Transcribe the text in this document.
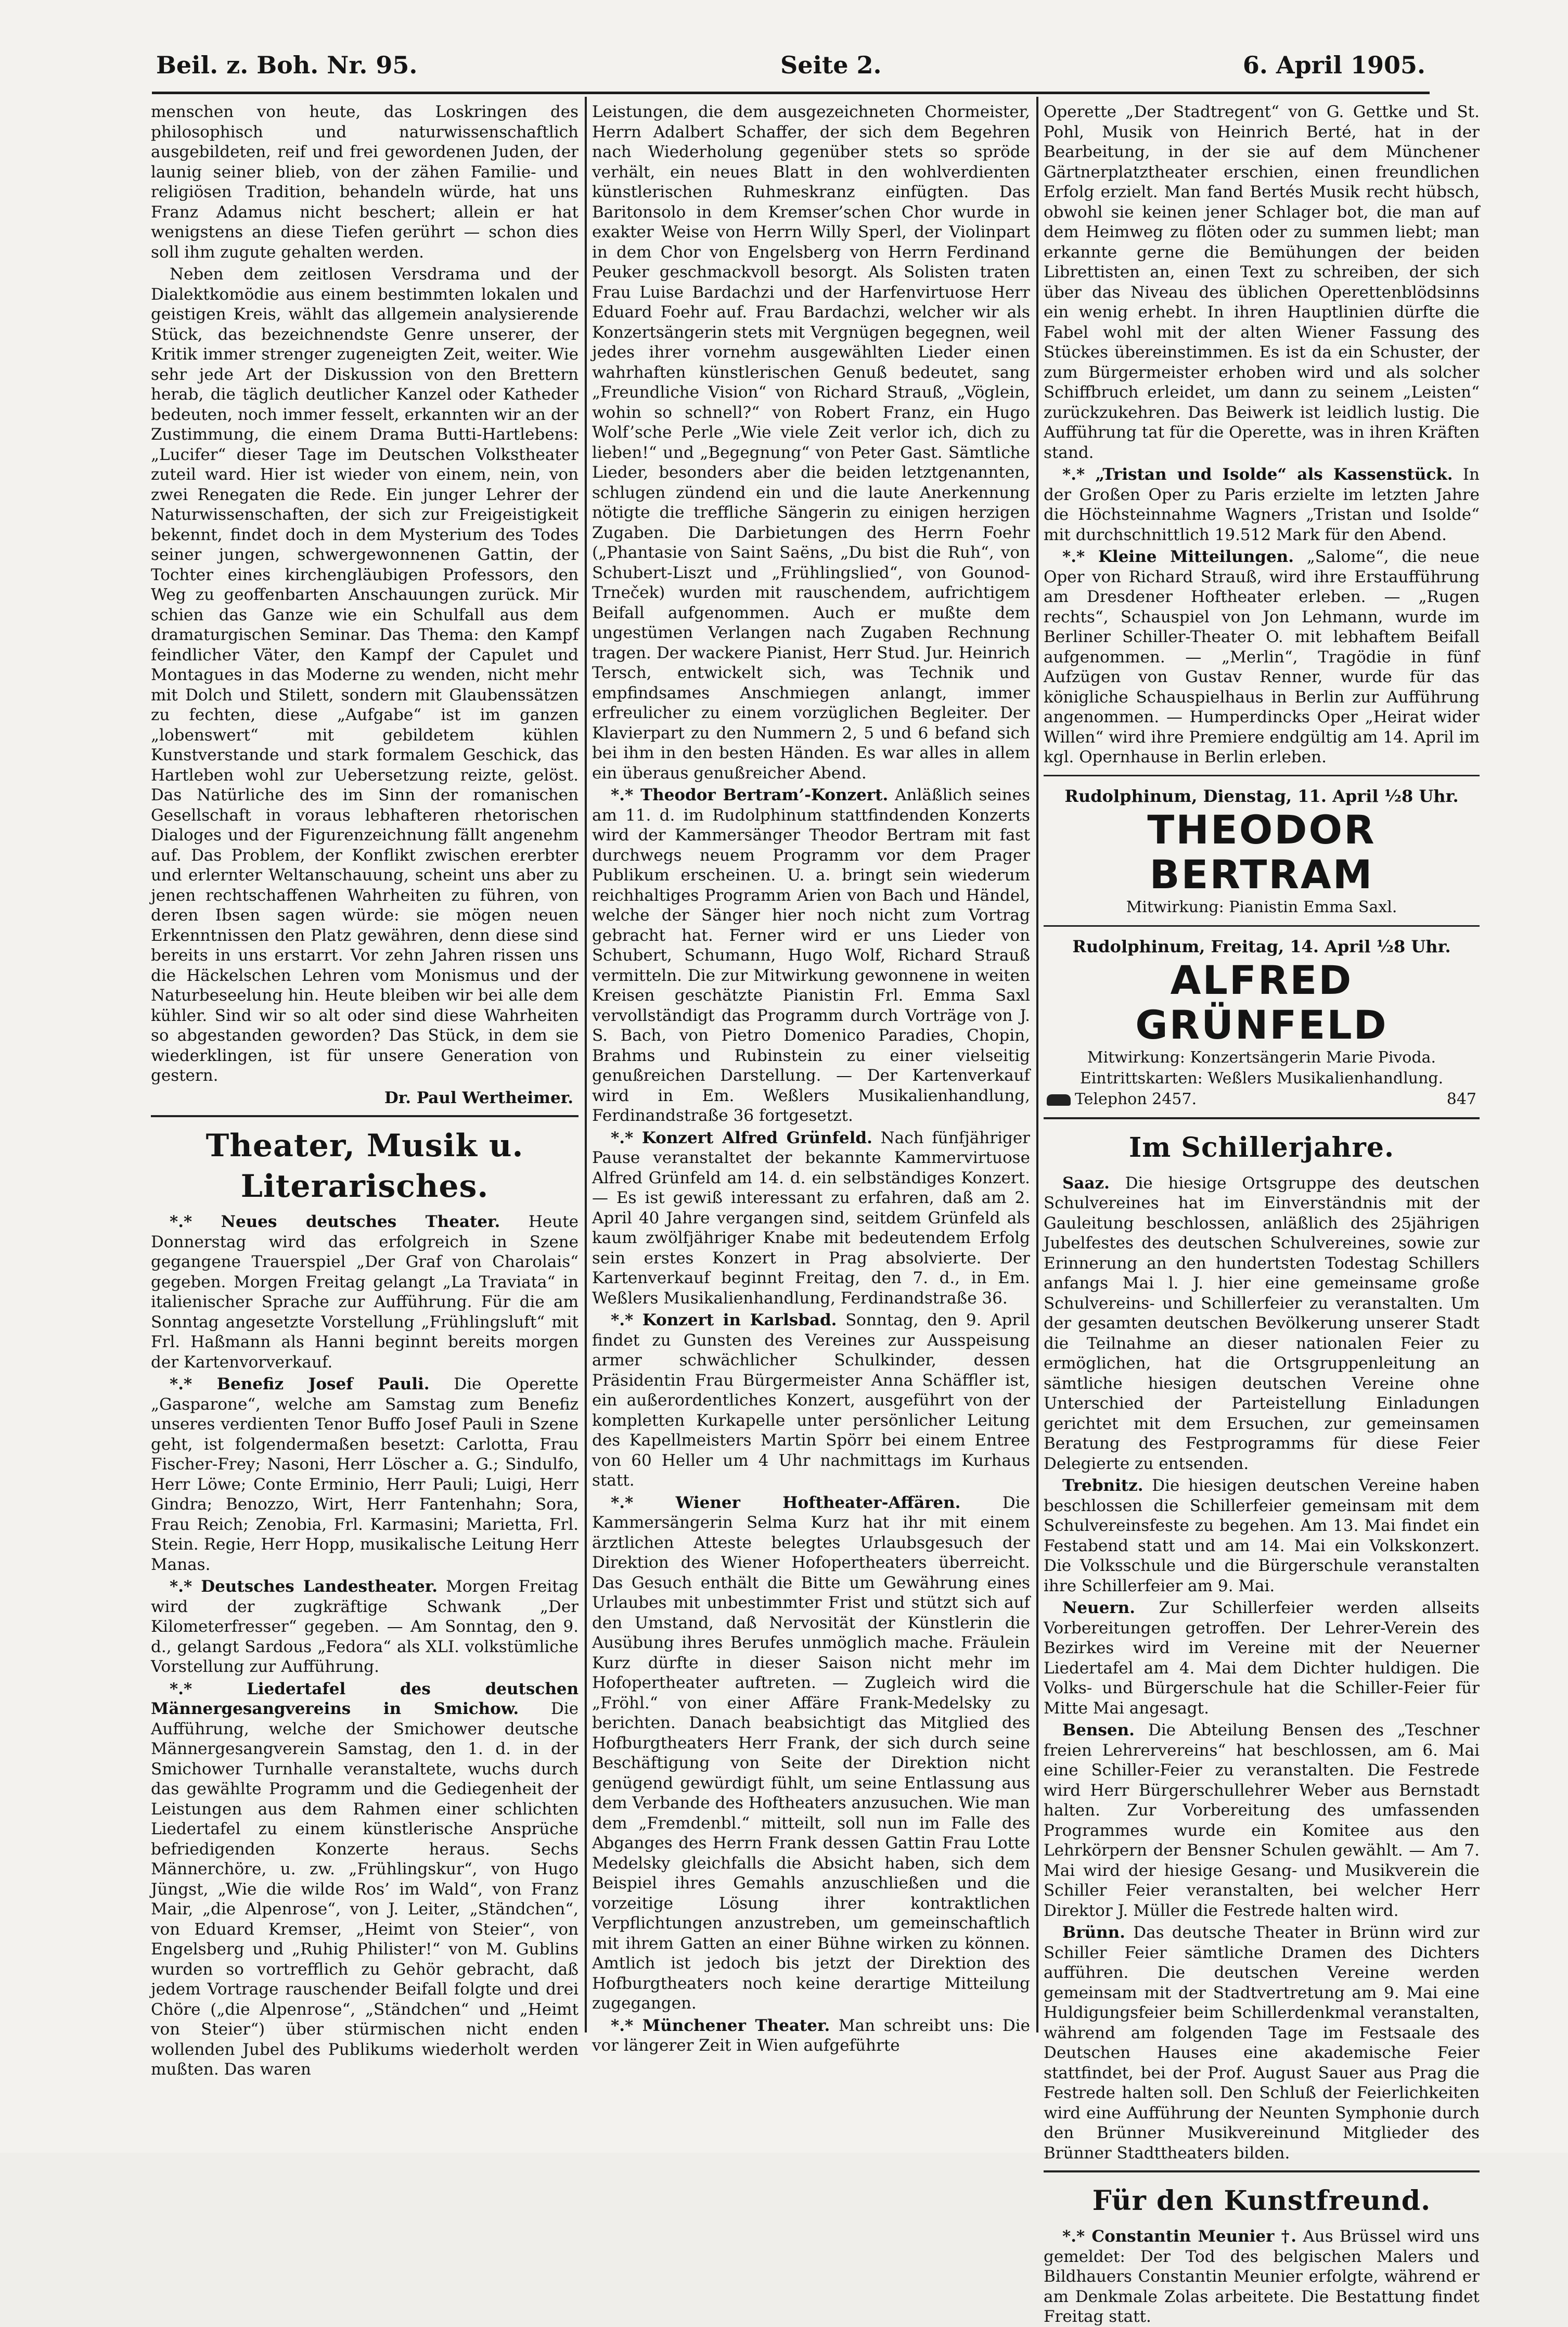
Beil. z. Boh. Nr. 95.	Seite 2.	6. April 1905.

menschen von heute, das Loskringen des philosophisch und naturwissenschaftlich ausgebildeten, reif und frei gewordenen Juden, der launig seiner blieb, von der zähen Familie- und religiösen Tradition, behandeln würde, hat uns Franz Adamus nicht beschert; allein er hat wenigstens an diese Tiefen gerührt — schon dies soll ihm zugute gehalten werden.

Neben dem zeitlosen Versdrama und der Dialektkomödie aus einem bestimmten lokalen und geistigen Kreis, wählt das allgemein analysierende Stück, das bezeichnendste Genre unserer, der Kritik immer strenger zugeneigten Zeit, weiter. Wie sehr jede Art der Diskussion von den Brettern herab, die täglich deutlicher Kanzel oder Katheder bedeuten, noch immer fesselt, erkannten wir an der Zustimmung, die einem Drama Butti-Hartlebens: „Lucifer“ dieser Tage im Deutschen Volkstheater zuteil ward. Hier ist wieder von einem, nein, von zwei Renegaten die Rede. Ein junger Lehrer der Naturwissenschaften, der sich zur Freigeistigkeit bekennt, findet doch in dem Mysterium des Todes seiner jungen, schwergewonnenen Gattin, der Tochter eines kirchengläubigen Professors, den Weg zu geoffenbarten Anschauungen zurück. Mir schien das Ganze wie ein Schulfall aus dem dramaturgischen Seminar. Das Thema: den Kampf feindlicher Väter, den Kampf der Capulet und Montagues in das Moderne zu wenden, nicht mehr mit Dolch und Stilett, sondern mit Glaubenssätzen zu fechten, diese „Aufgabe“ ist im ganzen „lobenswert“ mit gebildetem kühlen Kunstverstande und stark formalem Geschick, das Hartleben wohl zur Uebersetzung reizte, gelöst. Das Natürliche des im Sinn der romanischen Gesellschaft in voraus lebhafteren rhetorischen Dialoges und der Figurenzeichnung fällt angenehm auf. Das Problem, der Konflikt zwischen ererbter und erlernter Weltanschauung, scheint uns aber zu jenen rechtschaffenen Wahrheiten zu führen, von deren Ibsen sagen würde: sie mögen neuen Erkenntnissen den Platz gewähren, denn diese sind bereits in uns erstarrt. Vor zehn Jahren rissen uns die Häckelschen Lehren vom Monismus und der Naturbeseelung hin. Heute bleiben wir bei alle dem kühler. Sind wir so alt oder sind diese Wahrheiten so abgestanden geworden? Das Stück, in dem sie wiederklingen, ist für unsere Generation von gestern.

Dr. Paul Wertheimer.

Theater, Musik u. Literarisches.

*.* Neues deutsches Theater. Heute Donnerstag wird das erfolgreich in Szene gegangene Trauerspiel „Der Graf von Charolais“ gegeben. Morgen Freitag gelangt „La Traviata“ in italienischer Sprache zur Aufführung. Für die am Sonntag angesetzte Vorstellung „Frühlingsluft“ mit Frl. Haßmann als Hanni beginnt bereits morgen der Kartenvorverkauf.

*.* Benefiz Josef Pauli. Die Operette „Gasparone“, welche am Samstag zum Benefiz unseres verdienten Tenor Buffo Josef Pauli in Szene geht, ist folgendermaßen besetzt: Carlotta, Frau Fischer-Frey; Nasoni, Herr Löscher a. G.; Sindulfo, Herr Löwe; Conte Erminio, Herr Pauli; Luigi, Herr Gindra; Benozzo, Wirt, Herr Fantenhahn; Sora, Frau Reich; Zenobia, Frl. Karmasini; Marietta, Frl. Stein. Regie, Herr Hopp, musikalische Leitung Herr Manas.

*.* Deutsches Landestheater. Morgen Freitag wird der zugkräftige Schwank „Der Kilometerfresser“ gegeben. — Am Sonntag, den 9. d., gelangt Sardous „Fedora“ als XLI. volkstümliche Vorstellung zur Aufführung.

*.* Liedertafel des deutschen Männergesangvereins in Smichow. Die Aufführung, welche der Smichower deutsche Männergesangverein Samstag, den 1. d. in der Smichower Turnhalle veranstaltete, wuchs durch das gewählte Programm und die Gediegenheit der Leistungen aus dem Rahmen einer schlichten Liedertafel zu einem künstlerische Ansprüche befriedigenden Konzerte heraus. Sechs Männerchöre, u. zw. „Frühlingskur“, von Hugo Jüngst, „Wie die wilde Ros’ im Wald“, von Franz Mair, „die Alpenrose“, von J. Leiter, „Ständchen“, von Eduard Kremser, „Heimt von Steier“, von Engelsberg und „Ruhig Philister!“ von M. Gublins wurden so vortrefflich zu Gehör gebracht, daß jedem Vortrage rauschender Beifall folgte und drei Chöre („die Alpenrose“, „Ständchen“ und „Heimt von Steier“) über stürmischen nicht enden wollenden Jubel des Publikums wiederholt werden mußten. Das waren

Leistungen, die dem ausgezeichneten Chormeister, Herrn Adalbert Schaffer, der sich dem Begehren nach Wiederholung gegenüber stets so spröde verhält, ein neues Blatt in den wohlverdienten künstlerischen Ruhmeskranz einfügten. Das Baritonsolo in dem Kremser’schen Chor wurde in exakter Weise von Herrn Willy Sperl, der Violinpart in dem Chor von Engelsberg von Herrn Ferdinand Peuker geschmackvoll besorgt. Als Solisten traten Frau Luise Bardachzi und der Harfenvirtuose Herr Eduard Foehr auf. Frau Bardachzi, welcher wir als Konzertsängerin stets mit Vergnügen begegnen, weil jedes ihrer vornehm ausgewählten Lieder einen wahrhaften künstlerischen Genuß bedeutet, sang „Freundliche Vision“ von Richard Strauß, „Vöglein, wohin so schnell?“ von Robert Franz, ein Hugo Wolf’sche Perle „Wie viele Zeit verlor ich, dich zu lieben!“ und „Begegnung“ von Peter Gast. Sämtliche Lieder, besonders aber die beiden letztgenannten, schlugen zündend ein und die laute Anerkennung nötigte die treffliche Sängerin zu einigen herzigen Zugaben. Die Darbietungen des Herrn Foehr („Phantasie von Saint Saëns, „Du bist die Ruh“, von Schubert-Liszt und „Frühlingslied“, von Gounod-Trneček) wurden mit rauschendem, aufrichtigem Beifall aufgenommen. Auch er mußte dem ungestümen Verlangen nach Zugaben Rechnung tragen. Der wackere Pianist, Herr Stud. Jur. Heinrich Tersch, entwickelt sich, was Technik und empfindsames Anschmiegen anlangt, immer erfreulicher zu einem vorzüglichen Begleiter. Der Klavierpart zu den Nummern 2, 5 und 6 befand sich bei ihm in den besten Händen. Es war alles in allem ein überaus genußreicher Abend.

*.* Theodor Bertram’-Konzert. Anläßlich seines am 11. d. im Rudolphinum stattfindenden Konzerts wird der Kammersänger Theodor Bertram mit fast durchwegs neuem Programm vor dem Prager Publikum erscheinen. U. a. bringt sein wiederum reichhaltiges Programm Arien von Bach und Händel, welche der Sänger hier noch nicht zum Vortrag gebracht hat. Ferner wird er uns Lieder von Schubert, Schumann, Hugo Wolf, Richard Strauß vermitteln. Die zur Mitwirkung gewonnene in weiten Kreisen geschätzte Pianistin Frl. Emma Saxl vervollständigt das Programm durch Vorträge von J. S. Bach, von Pietro Domenico Paradies, Chopin, Brahms und Rubinstein zu einer vielseitig genußreichen Darstellung. — Der Kartenverkauf wird in Em. Weßlers Musikalienhandlung, Ferdinandstraße 36 fortgesetzt.

*.* Konzert Alfred Grünfeld. Nach fünfjähriger Pause veranstaltet der bekannte Kammervirtuose Alfred Grünfeld am 14. d. ein selbständiges Konzert. — Es ist gewiß interessant zu erfahren, daß am 2. April 40 Jahre vergangen sind, seitdem Grünfeld als kaum zwölfjähriger Knabe mit bedeutendem Erfolg sein erstes Konzert in Prag absolvierte. Der Kartenverkauf beginnt Freitag, den 7. d., in Em. Weßlers Musikalienhandlung, Ferdinandstraße 36.

*.* Konzert in Karlsbad. Sonntag, den 9. April findet zu Gunsten des Vereines zur Ausspeisung armer schwächlicher Schulkinder, dessen Präsidentin Frau Bürgermeister Anna Schäffler ist, ein außerordentliches Konzert, ausgeführt von der kompletten Kurkapelle unter persönlicher Leitung des Kapellmeisters Martin Spörr bei einem Entree von 60 Heller um 4 Uhr nachmittags im Kurhaus statt.

*.* Wiener Hoftheater-Affären.	Die Kammersängerin Selma Kurz hat ihr mit einem ärztlichen Atteste belegtes Urlaubsgesuch der Direktion des Wiener Hofopertheaters überreicht. Das Gesuch enthält die Bitte um Gewährung eines Urlaubes mit unbestimmter Frist und stützt sich auf den Umstand, daß Nervosität der Künstlerin die Ausübung ihres Berufes unmöglich mache. Fräulein Kurz dürfte in dieser Saison nicht mehr im Hofopertheater auftreten. — Zugleich wird die „Fröhl.“ von einer Affäre Frank-Medelsky zu berichten. Danach beabsichtigt das Mitglied des Hofburgtheaters Herr Frank, der sich durch seine Beschäftigung von Seite der Direktion nicht genügend gewürdigt fühlt, um seine Entlassung aus dem Verbande des Hoftheaters anzusuchen. Wie man dem „Fremdenbl.“ mitteilt, soll nun im Falle des Abganges des Herrn Frank dessen Gattin Frau Lotte Medelsky gleichfalls die Absicht haben, sich dem Beispiel ihres Gemahls anzuschließen und die vorzeitige Lösung ihrer kontraktlichen Verpflichtungen anzustreben, um gemeinschaftlich mit ihrem Gatten an einer Bühne wirken zu können. Amtlich ist jedoch bis jetzt der Direktion des Hofburgtheaters noch keine derartige Mitteilung zugegangen.

*.* Münchener Theater. Man schreibt uns: Die vor längerer Zeit in Wien aufgeführte

Operette „Der Stadtregent“ von G. Gettke und St. Pohl, Musik von Heinrich Berté, hat in der Bearbeitung, in der sie auf dem Münchener Gärtnerplatztheater erschien, einen freundlichen Erfolg erzielt. Man fand Bertés Musik recht hübsch, obwohl sie keinen jener Schlager bot, die man auf dem Heimweg zu flöten oder zu summen liebt; man erkannte gerne die Bemühungen der beiden Librettisten an, einen Text zu schreiben, der sich über das Niveau des üblichen Operettenblödsinns ein wenig erhebt. In ihren Hauptlinien dürfte die Fabel wohl mit der alten Wiener Fassung des Stückes übereinstimmen. Es ist da ein Schuster, der zum Bürgermeister erhoben wird und als solcher Schiffbruch erleidet, um dann zu seinem „Leisten“ zurückzukehren. Das Beiwerk ist leidlich lustig. Die Aufführung tat für die Operette, was in ihren Kräften stand.

*.* „Tristan und Isolde“ als Kassenstück. In der Großen Oper zu Paris erzielte im letzten Jahre die Höchsteinnahme Wagners „Tristan und Isolde“ mit durchschnittlich 19.512 Mark für den Abend.

*.* Kleine Mitteilungen. „Salome“, die neue Oper von Richard Strauß, wird ihre Erstaufführung am Dresdener Hoftheater erleben. — „Rugen rechts“, Schauspiel von Jon Lehmann, wurde im Berliner Schiller-Theater O. mit lebhaftem Beifall aufgenommen. — „Merlin“, Tragödie in fünf Aufzügen von Gustav Renner, wurde für das königliche Schauspielhaus in Berlin zur Aufführung angenommen. — Humperdincks Oper „Heirat wider Willen“ wird ihre Premiere endgültig am 14. April im kgl. Opernhause in Berlin erleben.

Rudolphinum, Dienstag, 11. April ½8 Uhr.
THEODOR BERTRAM
Mitwirkung: Pianistin Emma Saxl.
Rudolphinum, Freitag, 14. April ½8 Uhr.
ALFRED GRÜNFELD
Mitwirkung: Konzertsängerin Marie Pivoda.
Eintrittskarten: Weßlers Musikalienhandlung.
Telephon 2457.	847
Im Schillerjahre.

Saaz. Die hiesige Ortsgruppe des deutschen Schulvereines hat im Einverständnis mit der Gauleitung beschlossen, anläßlich des 25jährigen Jubelfestes des deutschen Schulvereines, sowie zur Erinnerung an den hundertsten Todestag Schillers anfangs Mai l. J. hier eine gemeinsame große Schulvereins- und Schillerfeier zu veranstalten. Um der gesamten deutschen Bevölkerung unserer Stadt die Teilnahme an dieser nationalen Feier zu ermöglichen, hat die Ortsgruppenleitung an sämtliche hiesigen deutschen Vereine ohne Unterschied der Parteistellung Einladungen gerichtet mit dem Ersuchen, zur gemeinsamen Beratung des Festprogramms für diese Feier Delegierte zu entsenden.

Trebnitz. Die hiesigen deutschen Vereine haben beschlossen die Schillerfeier gemeinsam mit dem Schulvereinsfeste zu begehen. Am 13. Mai findet ein Festabend statt und am 14. Mai ein Volkskonzert. Die Volksschule und die Bürgerschule veranstalten ihre Schillerfeier am 9. Mai.

Neuern. Zur Schillerfeier werden allseits Vorbereitungen getroffen. Der Lehrer-Verein des Bezirkes wird im Vereine mit der Neuerner Liedertafel am 4. Mai dem Dichter huldigen. Die Volks- und Bürgerschule hat die Schiller-Feier für Mitte Mai angesagt.

Bensen. Die Abteilung Bensen des „Teschner freien Lehrervereins“ hat beschlossen, am 6. Mai eine Schiller-Feier zu veranstalten. Die Festrede wird Herr Bürgerschullehrer Weber aus Bernstadt halten. Zur Vorbereitung des umfassenden Programmes wurde ein Komitee aus den Lehrkörpern der Bensner Schulen gewählt. — Am 7. Mai wird der hiesige Gesang- und Musikverein die Schiller Feier veranstalten, bei welcher Herr Direktor J. Müller die Festrede halten wird.

Brünn. Das deutsche Theater in Brünn wird zur Schiller Feier sämtliche Dramen des Dichters aufführen. Die deutschen Vereine werden gemeinsam mit der Stadtvertretung am 9. Mai eine Huldigungsfeier beim Schillerdenkmal veranstalten, während am folgenden Tage im Festsaale des Deutschen Hauses eine akademische Feier stattfindet, bei der Prof. August Sauer aus Prag die Festrede halten soll. Den Schluß der Feierlichkeiten wird eine Aufführung der Neunten Symphonie durch den Brünner Musikvereinund Mitglieder des Brünner Stadttheaters bilden.

Für den Kunstfreund.

*.* Constantin Meunier †. Aus Brüssel wird uns gemeldet: Der Tod des belgischen Malers und Bildhauers Constantin Meunier erfolgte, während er am Denkmale Zolas arbeitete. Die Bestattung findet Freitag statt.
